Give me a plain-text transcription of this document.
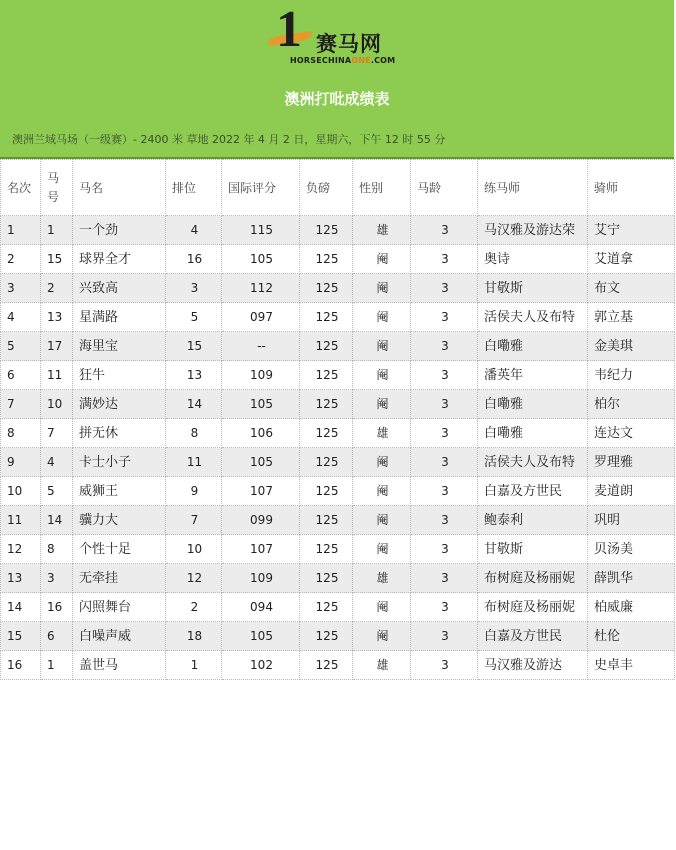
1 赛马网
HORSECHINAONE.COM
澳洲打吡成绩表
澳洲兰域马场（一级赛）- 2400 米 草地 2022 年 4 月 2 日，星期六，下午 12 时 55 分
名次	马号	马名	排位	国际评分	负磅	性别	马龄	练马师	骑师
1	1	一个劲	4	115	125	雄	3	马汉雅及游达荣	艾宁
2	15	球界全才	16	105	125	阉	3	奥诗	艾道拿
3	2	兴致高	3	112	125	阉	3	甘敬斯	布文
4	13	星满路	5	097	125	阉	3	活侯夫人及布特	郭立基
5	17	海里宝	15	--	125	阉	3	白嘞雅	金美琪
6	11	狂牛	13	109	125	阉	3	潘英年	韦纪力
7	10	满妙达	14	105	125	阉	3	白嘞雅	柏尔
8	7	拼无休	8	106	125	雄	3	白嘞雅	连达文
9	4	卡士小子	11	105	125	阉	3	活侯夫人及布特	罗理雅
10	5	威狮王	9	107	125	阉	3	白嘉及方世民	麦道朗
11	14	骥力大	7	099	125	阉	3	鲍泰利	巩明
12	8	个性十足	10	107	125	阉	3	甘敬斯	贝汤美
13	3	无牵挂	12	109	125	雄	3	布树庭及杨丽妮	薛凯华
14	16	闪照舞台	2	094	125	阉	3	布树庭及杨丽妮	柏威廉
15	6	白噪声威	18	105	125	阉	3	白嘉及方世民	杜伦
16	1	盖世马	1	102	125	雄	3	马汉雅及游达	史卓丰
